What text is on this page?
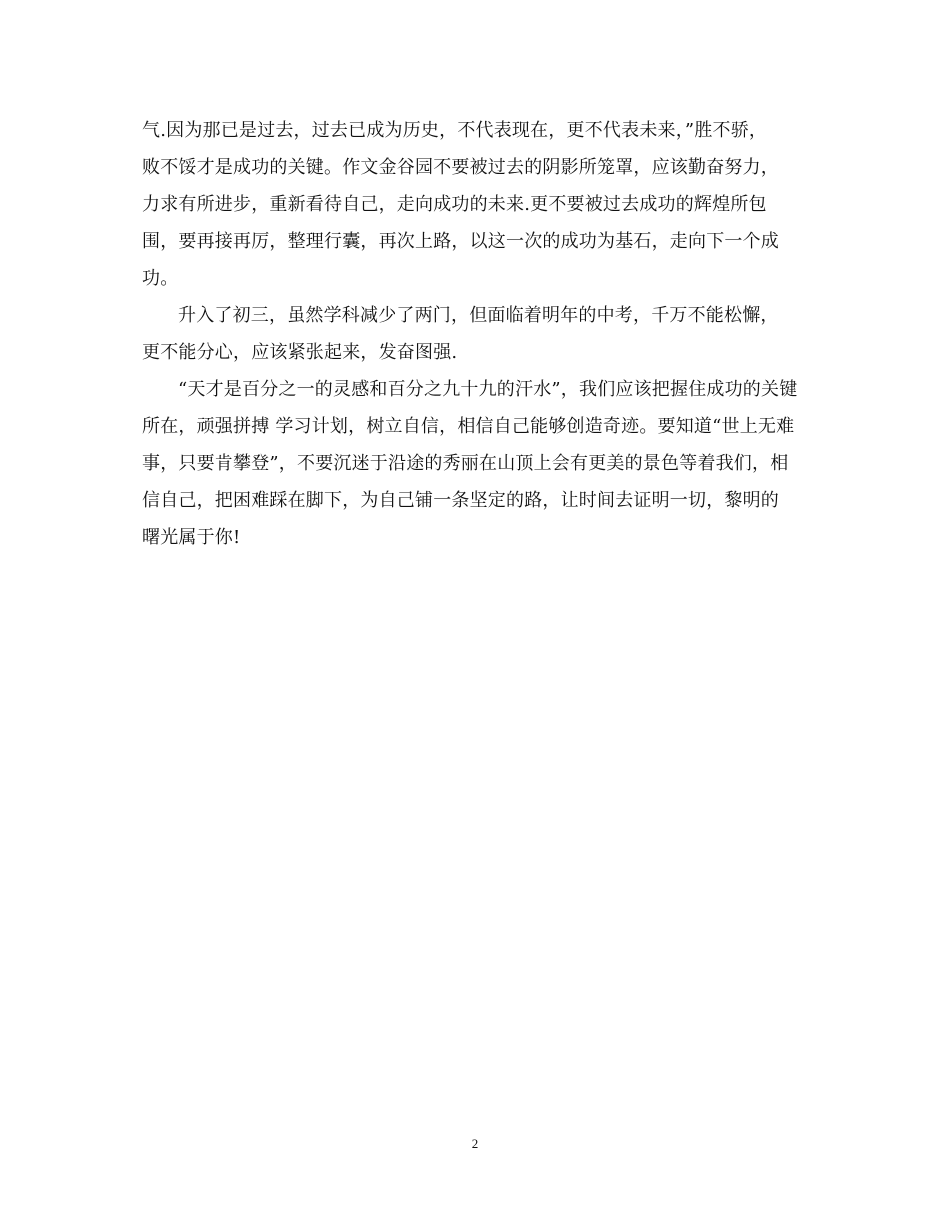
气.因为那已是过去，过去已成为历史，不代表现在，更不代表未来，”胜不骄，
败不馁才是成功的关键。作文金谷园不要被过去的阴影所笼罩，应该勤奋努力，
力求有所进步，重新看待自己，走向成功的未来.更不要被过去成功的辉煌所包
围，要再接再厉，整理行囊，再次上路，以这一次的成功为基石，走向下一个成
功。
升入了初三，虽然学科减少了两门，但面临着明年的中考，千万不能松懈，
更不能分心，应该紧张起来，发奋图强.
“天才是百分之一的灵感和百分之九十九的汗水”，我们应该把握住成功的关键
所在，顽强拼搏 学习计划，树立自信，相信自己能够创造奇迹。要知道“世上无难
事，只要肯攀登”，不要沉迷于沿途的秀丽在山顶上会有更美的景色等着我们，相
信自己，把困难踩在脚下，为自己铺一条坚定的路，让时间去证明一切，黎明的
曙光属于你!
2
